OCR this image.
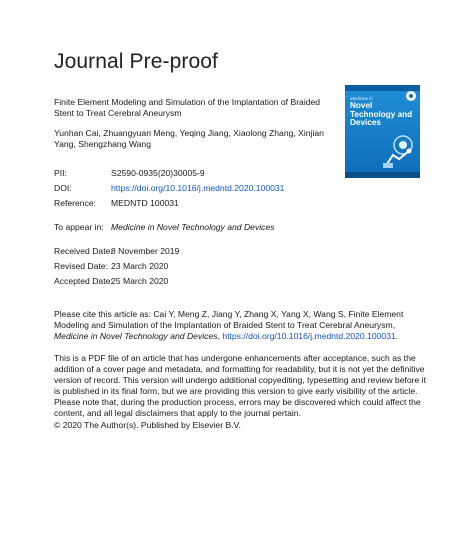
Journal Pre-proof
Finite Element Modeling and Simulation of the Implantation of Braided Stent to Treat Cerebral Aneurysm
Yunhan Cai, Zhuangyuan Meng, Yeqing Jiang, Xiaolong Zhang, Xinjian Yang, Shengzhang Wang
Medicine in
Novel Technology and Devices
PII:	S2590-0935(20)30005-9
DOI:	https://doi.org/10.1016/j.medntd.2020.100031
Reference: MEDNTD 100031
To appear in: Medicine in Novel Technology and Devices
Received Date:
8 November 2019
Revised Date: 23 March 2020
Accepted Date:
25 March 2020
Please cite this article as: Cai Y, Meng Z, Jiang Y, Zhang X, Yang X, Wang S, Finite Element Modeling and Simulation of the Implantation of Braided Stent to Treat Cerebral Aneurysm, Medicine in Novel Technology and Devices, https://doi.org/10.1016/j.medntd.2020.100031.
This is a PDF file of an article that has undergone enhancements after acceptance, such as the addition of a cover page and metadata, and formatting for readability, but it is not yet the definitive version of record. This version will undergo additional copyediting, typesetting and review before it is published in its final form, but we are providing this version to give early visibility of the article. Please note that, during the production process, errors may be discovered which could affect the content, and all legal disclaimers that apply to the journal pertain.
© 2020 The Author(s). Published by Elsevier B.V.
